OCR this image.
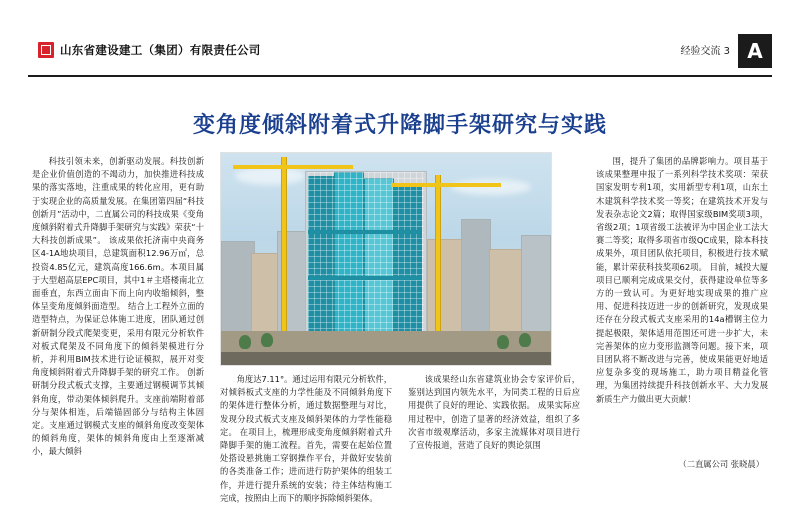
山东省建设建工（集团）有限责任公司	经验交流 3 A
变角度倾斜附着式升降脚手架研究与实践

科技引领未来，创新驱动发展。科技创新是企业价值创造的不竭动力，加快推进科技成果的落实落地，注重成果的转化应用，更有助于实现企业的高质量发展。在集团第四届“科技创新月”活动中，二直属公司的科技成果《变角度倾斜附着式升降脚手架研究与实践》荣获“十大科技创新成果”。 该成果依托济南中央商务区4-1A地块项目，总建筑面积12.96万㎡，总投资4.85亿元，建筑高度166.6m。本项目属于大型超高层EPC项目，其中1＃主塔楼南北立面垂直，东西立面由下而上向内收缩倾斜，整体呈变角度倾斜面造型。 结合上工程外立面的造型特点，为保证总体施工进度，团队通过创新研制分段式爬架变更，采用有限元分析软件对板式爬架及不同角度下的倾斜架模进行分析，并利用BIM技术进行论证模拟，展开对变角度倾斜附着式升降脚手架的研究工作。 创新研制分段式板式支撑，主要通过钢模调节其倾斜角度，带动架体倾斜爬升。支座前端附着部分与架体相连，后端锚固部分与结构主体固定。支座通过钢模式支座的倾斜角度改变架体的倾斜角度，架体的倾斜角度由上至逐渐减小，最大倾斜

角度达7.11°。通过运用有限元分析软件，对倾斜板式支座的力学性能及不同倾斜角度下的架体进行整体分析，通过数据整理与对比，发现分段式板式支座及倾斜架体的力学性能稳定。 在项目上，梳理形成变角度倾斜附着式升降脚手架的施工流程。首先，需要在起始位置处搭设悬挑施工穿钢操作平台，并做好安装前的各类准备工作；进而进行防护架体的组装工作，并进行提升系统的安装；待主体结构施工完成，按照由上而下的顺序拆除倾斜架体。

该成果经山东省建筑业协会专家评价后，鉴别达到国内领先水平，为同类工程的日后应用提供了良好的理论、实践依据。 成果实际应用过程中，创造了显著的经济效益，组织了多次省市级观摩活动，多家主流媒体对项目进行了宣传报道，营造了良好的舆论氛围

围，提升了集团的品牌影响力。项目基于该成果整理申报了一系列科学技术奖项：荣获国家发明专利1项，实用新型专利1项，山东土木建筑科学技术奖一等奖；在建筑技术开发与发表杂志论文2篇；取得国家级BIM奖项3项，省级2项；1项省级工法被评为中国企业工法大赛二等奖；取得多项省市级QC成果，除本科技成果外，项目团队依托项目，积极进行技术赋能，累计荣获科技奖项62项。 目前，城投大厦项目已顺利完成成果交付，获得建设单位等多方的一致认可。为更好地实现成果的推广应用、促进科技迈进一步的创新研究，发现成果还存在分段式板式支座采用的14a槽钢主位力提起极限，架体适用范围还可进一步扩大，未完善架体的应力变形监测等问题。接下来，项目团队将不断改进与完善，使成果能更好地适应复杂多变的现场施工，助力项目精益化管理，为集团持续提升科技创新水平、大力发展新质生产力做出更大贡献！

（二直属公司 张晓晨）
